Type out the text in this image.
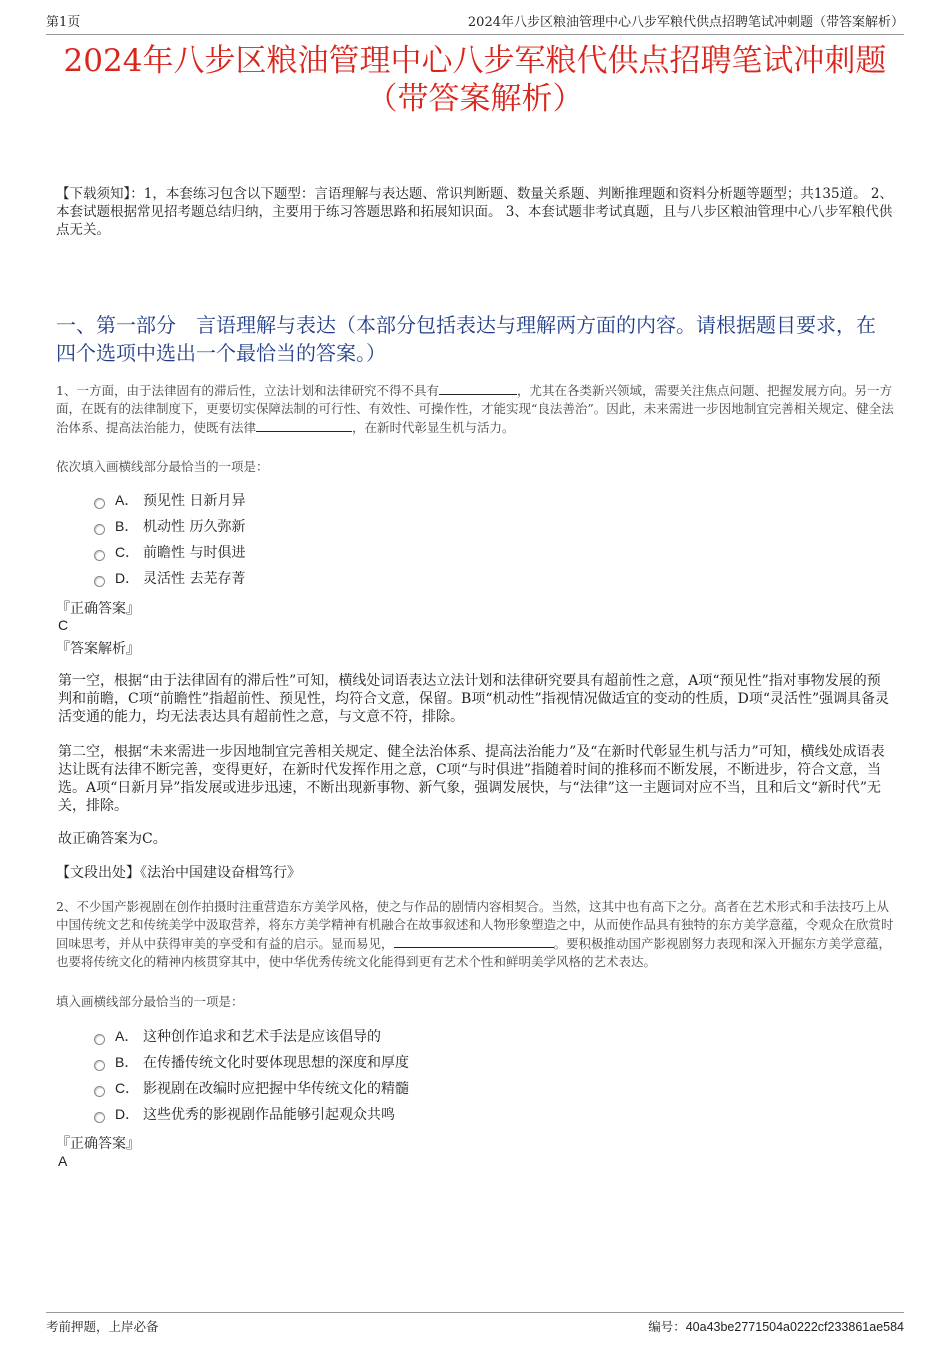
第1页	2024年八步区粮油管理中心八步军粮代供点招聘笔试冲刺题（带答案解析）
2024年八步区粮油管理中心八步军粮代供点招聘笔试冲刺题
（带答案解析）
【下载须知】：1，本套练习包含以下题型：言语理解与表达题、常识判断题、数量关系题、判断推理题和资料分析题等题型；共135道。 2、本套试题根据常见招考题总结归纳，主要用于练习答题思路和拓展知识面。 3、本套试题非考试真题，且与八步区粮油管理中心八步军粮代供点无关。
一、第一部分　言语理解与表达（本部分包括表达与理解两方面的内容。请根据题目要求，在四个选项中选出一个最恰当的答案。）
1、一方面，由于法律固有的滞后性，立法计划和法律研究不得不具有	，尤其在各类新兴领域，需要关注焦点问题、把握发展方向。另一方面，在既有的法律制度下，更要切实保障法制的可行性、有效性、可操作性，才能实现“良法善治”。因此，未来需进一步因地制宜完善相关规定、健全法治体系、提高法治能力，使既有法律	，在新时代彰显生机与活力。
依次填入画横线部分最恰当的一项是：
A． 预见性 日新月异
B． 机动性 历久弥新
C． 前瞻性 与时俱进
D． 灵活性 去芜存菁
『正确答案』
C
『答案解析』
第一空，根据“由于法律固有的滞后性”可知，横线处词语表达立法计划和法律研究要具有超前性之意，A项“预见性”指对事物发展的预判和前瞻，C项“前瞻性”指超前性、预见性，均符合文意，保留。B项“机动性”指视情况做适宜的变动的性质，D项“灵活性”强调具备灵活变通的能力，均无法表达具有超前性之意，与文意不符，排除。
第二空，根据“未来需进一步因地制宜完善相关规定、健全法治体系、提高法治能力”及“在新时代彰显生机与活力”可知，横线处成语表达让既有法律不断完善，变得更好，在新时代发挥作用之意，C项“与时俱进”指随着时间的推移而不断发展，不断进步，符合文意，当选。A项“日新月异”指发展或进步迅速，不断出现新事物、新气象，强调发展快，与“法律”这一主题词对应不当，且和后文“新时代”无关，排除。
故正确答案为C。
【文段出处】《法治中国建设奋楫笃行》
2、不少国产影视剧在创作拍摄时注重营造东方美学风格，使之与作品的剧情内容相契合。当然，这其中也有高下之分。高者在艺术形式和手法技巧上从中国传统文艺和传统美学中汲取营养，将东方美学精神有机融合在故事叙述和人物形象塑造之中，从而使作品具有独特的东方美学意蕴，令观众在欣赏时回味思考，并从中获得审美的享受和有益的启示。显而易见，	。要积极推动国产影视剧努力表现和深入开掘东方美学意蕴，也要将传统文化的精神内核贯穿其中，使中华优秀传统文化能得到更有艺术个性和鲜明美学风格的艺术表达。
填入画横线部分最恰当的一项是：
A． 这种创作追求和艺术手法是应该倡导的
B． 在传播传统文化时要体现思想的深度和厚度
C． 影视剧在改编时应把握中华传统文化的精髓
D． 这些优秀的影视剧作品能够引起观众共鸣
『正确答案』
A
考前押题，上岸必备	编号：40a43be2771504a0222cf233861ae584
